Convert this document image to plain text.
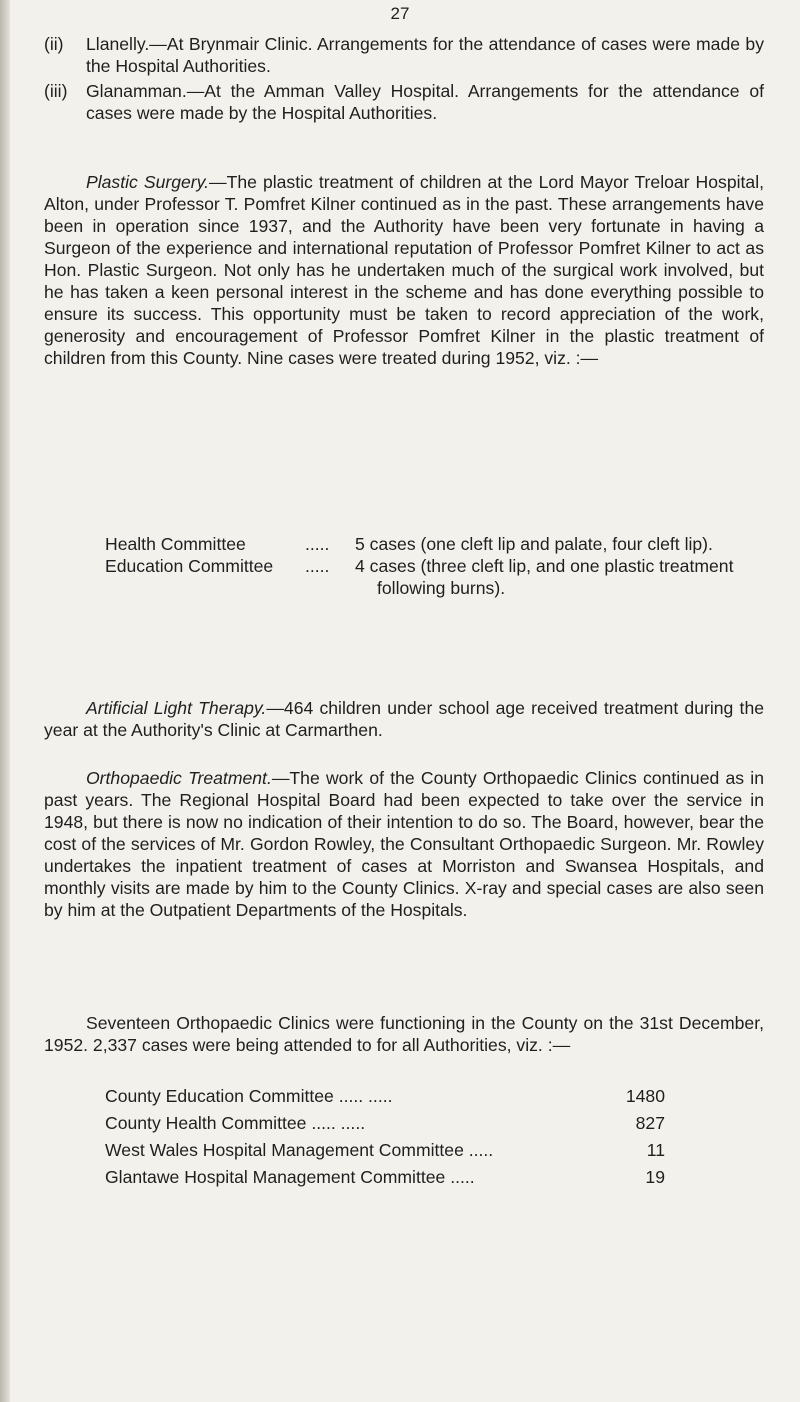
27
(ii)	Llanelly.—At Brynmair Clinic. Arrangements for the attendance of cases were made by the Hospital Authorities.
(iii)	Glanamman.—At the Amman Valley Hospital. Arrangements for the attendance of cases were made by the Hospital Authorities.

Plastic Surgery.—The plastic treatment of children at the Lord Mayor Treloar Hospital, Alton, under Professor T. Pomfret Kilner continued as in the past. These arrangements have been in operation since 1937, and the Authority have been very fortunate in having a Surgeon of the experience and international reputation of Professor Pomfret Kilner to act as Hon. Plastic Surgeon. Not only has he undertaken much of the surgical work involved, but he has taken a keen personal interest in the scheme and has done everything possible to ensure its success. This opportunity must be taken to record appreciation of the work, generosity and encouragement of Professor Pomfret Kilner in the plastic treatment of children from this County. Nine cases were treated during 1952, viz. :—

Health Committee	.....	5 cases (one cleft lip and palate, four cleft lip).
Education Committee	.....	4 cases (three cleft lip, and one plastic treatment following burns).

Artificial Light Therapy.—464 children under school age received treatment during the year at the Authority's Clinic at Carmarthen.

Orthopaedic Treatment.—The work of the County Orthopaedic Clinics continued as in past years. The Regional Hospital Board had been expected to take over the service in 1948, but there is now no indication of their intention to do so. The Board, however, bear the cost of the services of Mr. Gordon Rowley, the Consultant Orthopaedic Surgeon. Mr. Rowley undertakes the inpatient treatment of cases at Morriston and Swansea Hospitals, and monthly visits are made by him to the County Clinics. X-ray and special cases are also seen by him at the Outpatient Departments of the Hospitals.

Seventeen Orthopaedic Clinics were functioning in the County on the 31st December, 1952. 2,337 cases were being attended to for all Authorities, viz. :—

County Education Committee ..... .....	1480
County Health Committee ..... .....	827
West Wales Hospital Management Committee .....	11
Glantawe Hospital Management Committee .....	19
